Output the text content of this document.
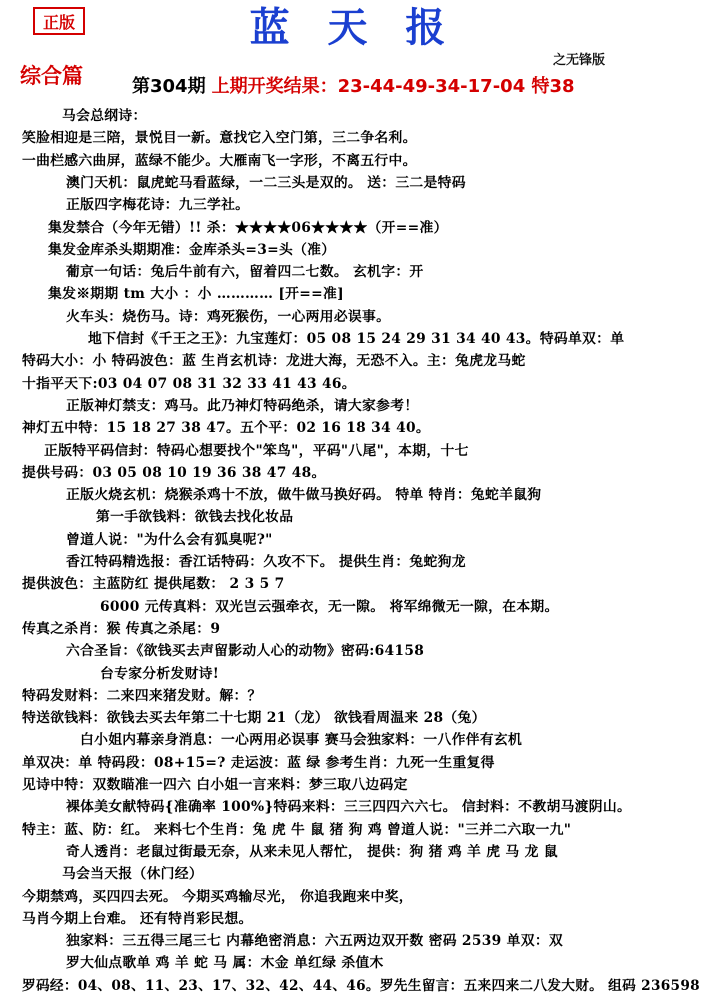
正版	蓝 天 报
之无锋版
综合篇	第304期 上期开奖结果：23-44-49-34-17-04 特38
马会总纲诗：
笑脸相迎是三陪，景悦目一新。意找它入空门第，三二争名利。
一曲栏感六曲屏，蓝绿不能少。大雁南飞一字形，不离五行中。
澳门天机：鼠虎蛇马看蓝绿，一二三头是双的。 送：三二是特码
正版四字梅花诗：九三学社。
集发禁合（今年无错）!! 杀：★★★★06★★★★（开==准）
集发金库杀头期期准：金库杀头=3=头（准）
葡京一句话：兔后牛前有六，留着四二七数。 玄机字：开
集发※期期 tm 大小 ：小 ………… [开==准]
火车头：烧伤马。诗：鸡死猴伤，一心两用必误事。
地下信封《千王之王》：九宝莲灯：05 08 15 24 29 31 34 40 43。特码单双：单
特码大小：小 特码波色：蓝 生肖玄机诗：龙进大海，无恐不入。主：兔虎龙马蛇
十指平天下:03 04 07 08 31 32 33 41 43 46。
正版神灯禁支：鸡马。此乃神灯特码绝杀，请大家参考！
神灯五中特：15 18 27 38 47。五个平：02 16 18 34 40。
正版特平码信封：特码心想要找个"笨鸟"，平码"八尾"，本期，十七
提供号码：03 05 08 10 19 36 38 47 48。
正版火烧玄机：烧猴杀鸡十不放，做牛做马换好码。 特单 特肖：兔蛇羊鼠狗
第一手欲钱料：欲钱去找化妆品
曾道人说："为什么会有狐臭呢?"
香江特码精选报：香江话特码：久攻不下。 提供生肖：兔蛇狗龙
提供波色：主蓝防红 提供尾数： 2 3 5 7
6000 元传真料：双光岂云强牵衣，无一隙。 将军绵微无一隙，在本期。
传真之杀肖：猴 传真之杀尾：9
六合圣旨：《欲钱买去声留影动人心的动物》密码:64158
台专家分析发财诗!
特码发财料：二来四来猪发财。解：？
特送欲钱料：欲钱去买去年第二十七期 21（龙） 欲钱看周温来 28（兔）
白小姐内幕亲身消息：一心两用必误事 赛马会独家料：一八作伴有玄机
单双决：单 特码段：08+15=? 走运波：蓝 绿 参考生肖：九死一生重复得
见诗中特：双数瞄准一四六 白小姐一言来料：梦三取八边码定
裸体美女献特码{准确率 100%}特码来料：三三四四六六七。 信封料：不教胡马渡阴山。
特主：蓝、防：红。 来料七个生肖：兔 虎 牛 鼠 猪 狗 鸡 曾道人说："三并二六取一九"
奇人透肖：老鼠过街最无奈，从来未见人帮忙， 提供：狗 猪 鸡 羊 虎 马 龙 鼠
马会当天报（休门经）
今期禁鸡，买四四去死。 今期买鸡输尽光， 你追我跑来中奖，
马肖今期上台难。 还有特肖彩民想。
独家料：三五得三尾三七 内幕绝密消息：六五两边双开数 密码 2539 单双：双
罗大仙点歌单 鸡 羊 蛇 马 属：木金 单红绿 杀值木
罗码经：04、08、11、23、17、32、42、44、46。罗先生留言：五来四来二八发大财。 组码 236598
